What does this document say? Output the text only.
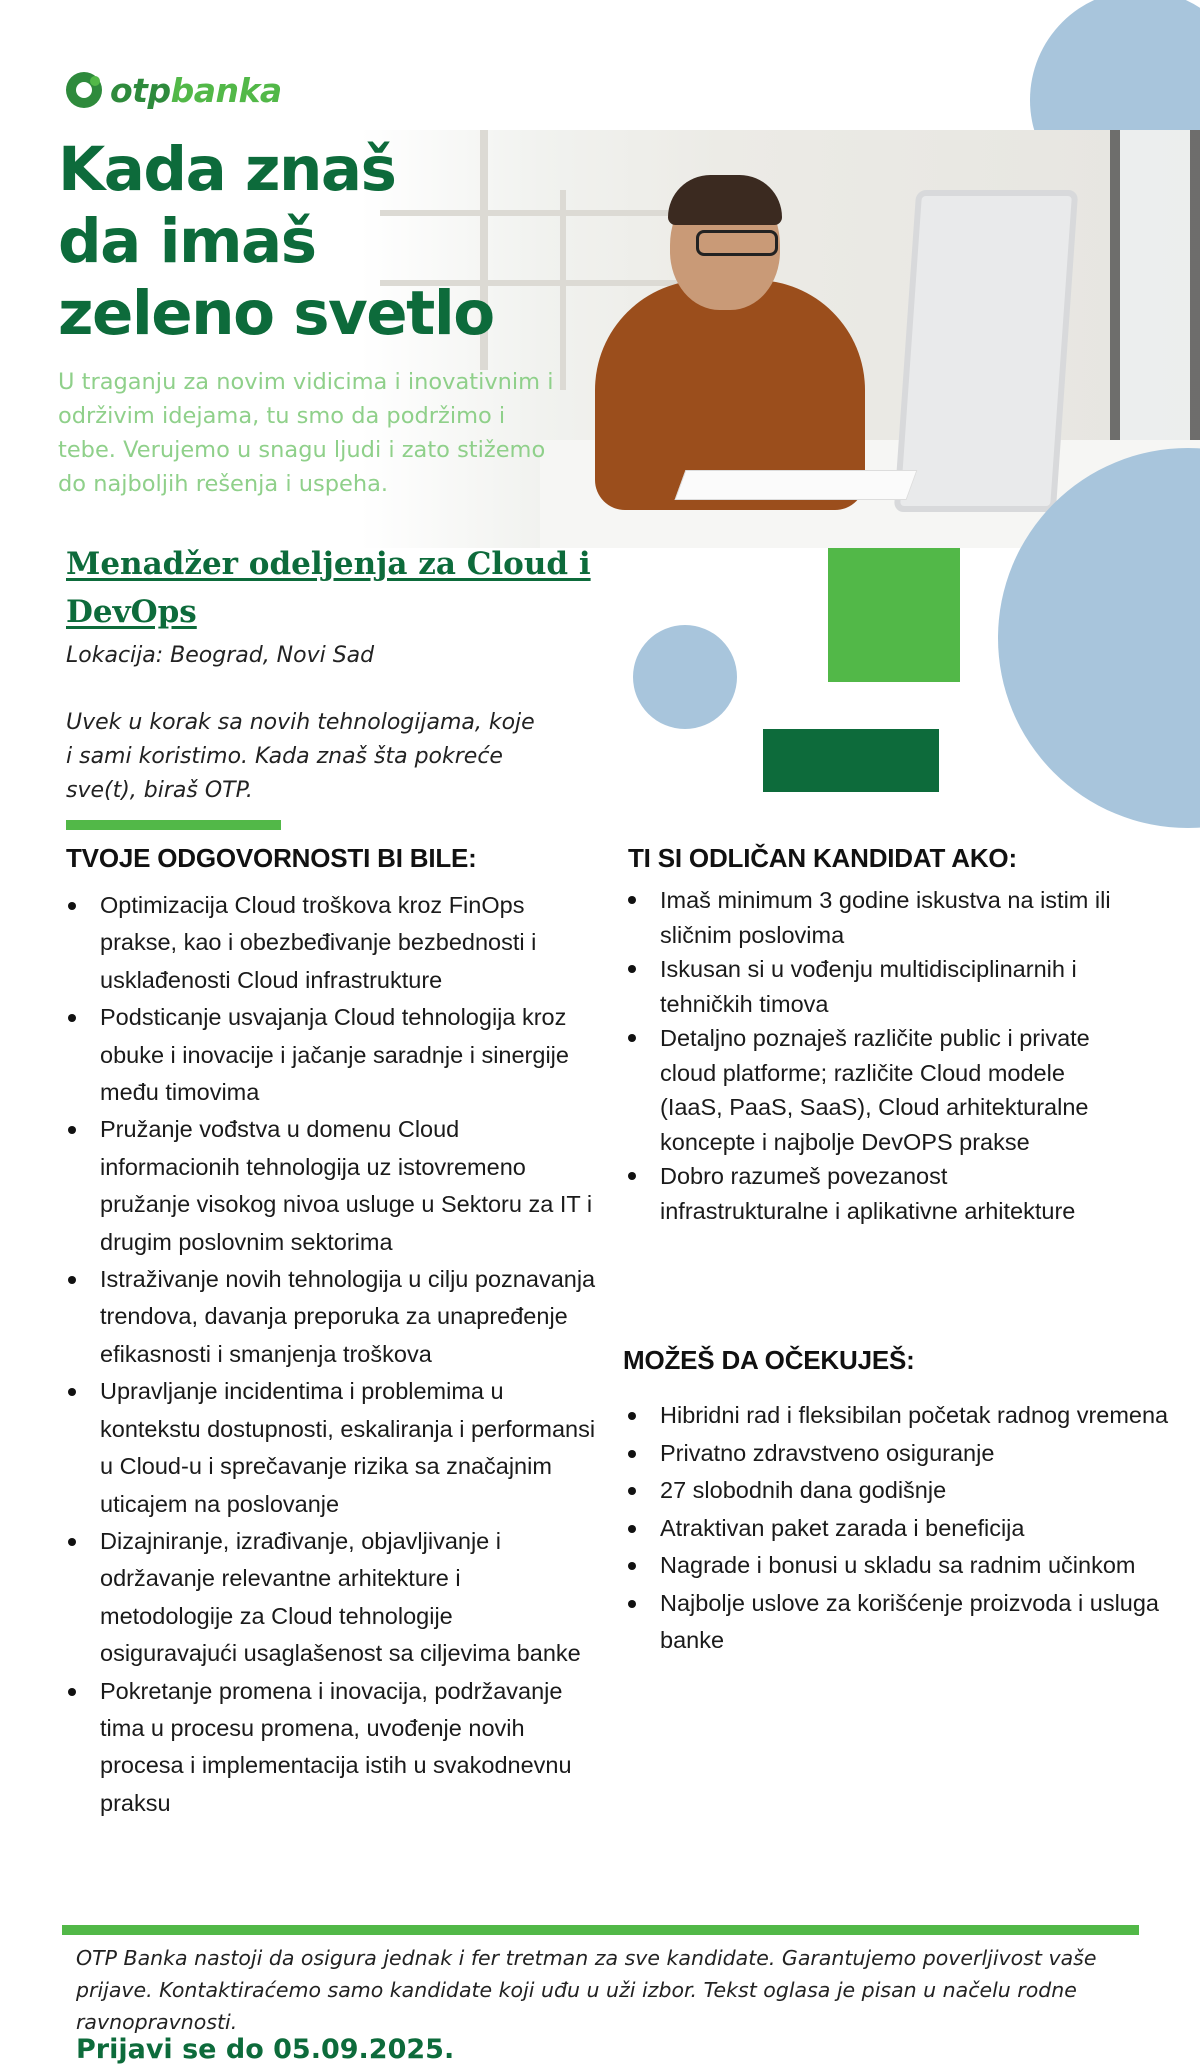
otpbanka
Kada znaš
da imaš
zeleno svetlo

U traganju za novim vidicima i inovativnim i održivim idejama, tu smo da podržimo i tebe. Verujemo u snagu ljudi i zato stižemo do najboljih rešenja i uspeha.

Menadžer odeljenja za Cloud i DevOps
Lokacija: Beograd, Novi Sad
Uvek u korak sa novih tehnologijama, koje i sami koristimo. Kada znaš šta pokreće sve(t), biraš OTP.
TVOJE ODGOVORNOSTI BI BILE:
Optimizacija Cloud troškova kroz FinOps prakse, kao i obezbeđivanje bezbednosti i usklađenosti Cloud infrastrukture
Podsticanje usvajanja Cloud tehnologija kroz obuke i inovacije i jačanje saradnje i sinergije među timovima
Pružanje vođstva u domenu Cloud informacionih tehnologija uz istovremeno pružanje visokog nivoa usluge u Sektoru za IT i drugim poslovnim sektorima
Istraživanje novih tehnologija u cilju poznavanja trendova, davanja preporuka za unapređenje efikasnosti i smanjenja troškova
Upravljanje incidentima i problemima u kontekstu dostupnosti, eskaliranja i performansi u Cloud-u i sprečavanje rizika sa značajnim uticajem na poslovanje
Dizajniranje, izrađivanje, objavljivanje i održavanje relevantne arhitekture i metodologije za Cloud tehnologije osiguravajući usaglašenost sa ciljevima banke
Pokretanje promena i inovacija, podržavanje tima u procesu promena, uvođenje novih procesa i implementacija istih u svakodnevnu praksu
TI SI ODLIČAN KANDIDAT AKO:
Imaš minimum 3 godine iskustva na istim ili sličnim poslovima
Iskusan si u vođenju multidisciplinarnih i tehničkih timova
Detaljno poznaješ različite public i private cloud platforme; različite Cloud modele (IaaS, PaaS, SaaS), Cloud arhitekturalne koncepte i najbolje DevOPS prakse
Dobro razumeš povezanost infrastrukturalne i aplikativne arhitekture
MOŽEŠ DA OČEKUJEŠ:
Hibridni rad i fleksibilan početak radnog vremena
Privatno zdravstveno osiguranje
27 slobodnih dana godišnje
Atraktivan paket zarada i beneficija
Nagrade i bonusi u skladu sa radnim učinkom
Najbolje uslove za korišćenje proizvoda i usluga banke

OTP Banka nastoji da osigura jednak i fer tretman za sve kandidate. Garantujemo poverljivost vaše prijave. Kontaktiraćemo samo kandidate koji uđu u uži izbor. Tekst oglasa je pisan u načelu rodne ravnopravnosti.

Prijavi se do 05.09.2025.
